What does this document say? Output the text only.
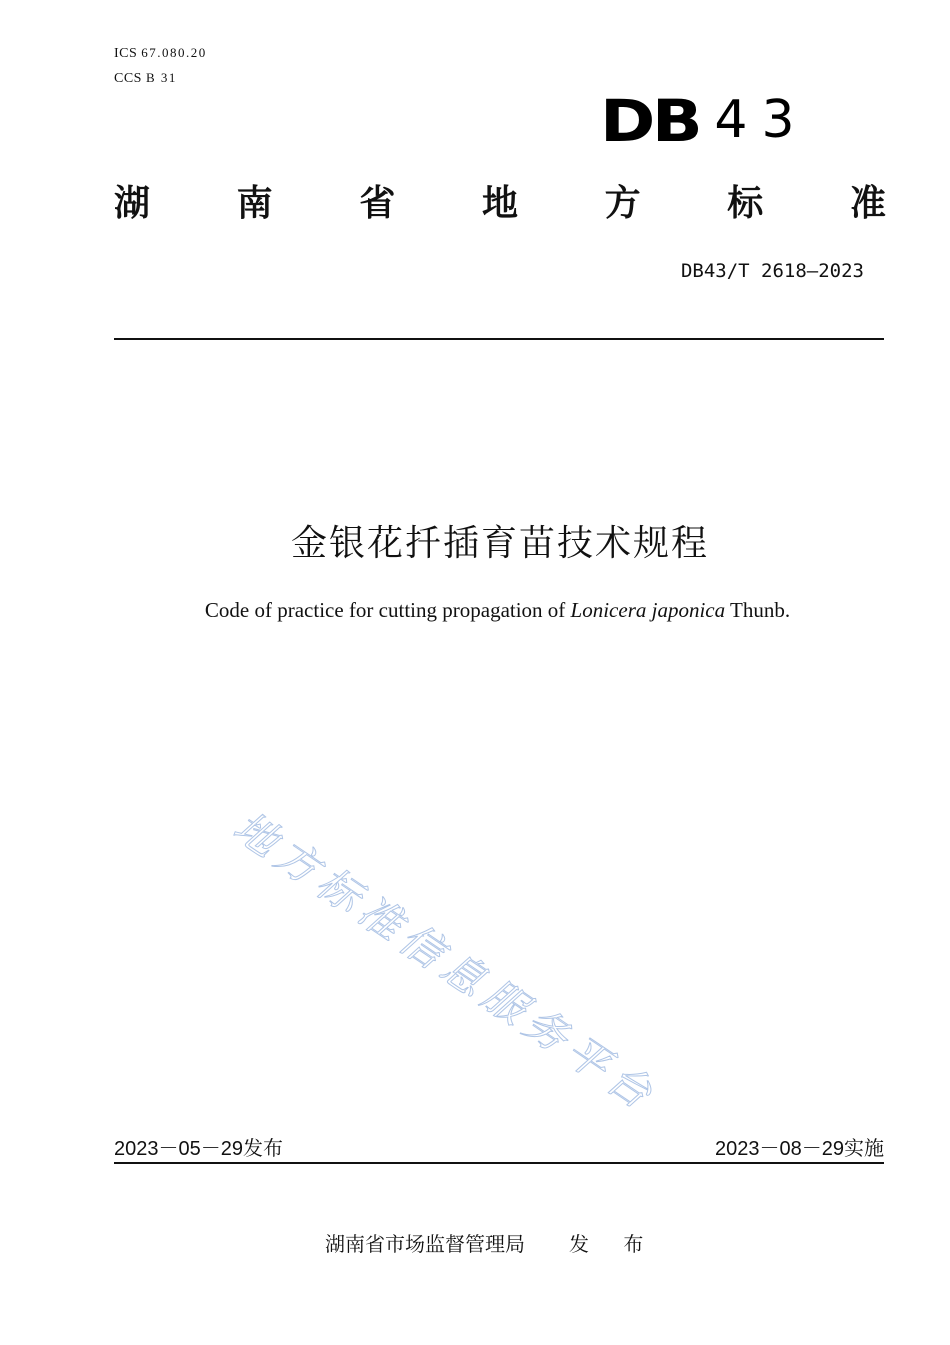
ICS 67.080.20
CCS B 31
DB 43
湖 南 省 地 方 标 准
DB43/T 2618—2023
金银花扦插育苗技术规程
Code of practice for cutting propagation of Lonicera japonica Thunb.
地方标准信息服务平台
2023－05－29发布	2023－08－29实施
湖南省市场监督管理局 发 布
